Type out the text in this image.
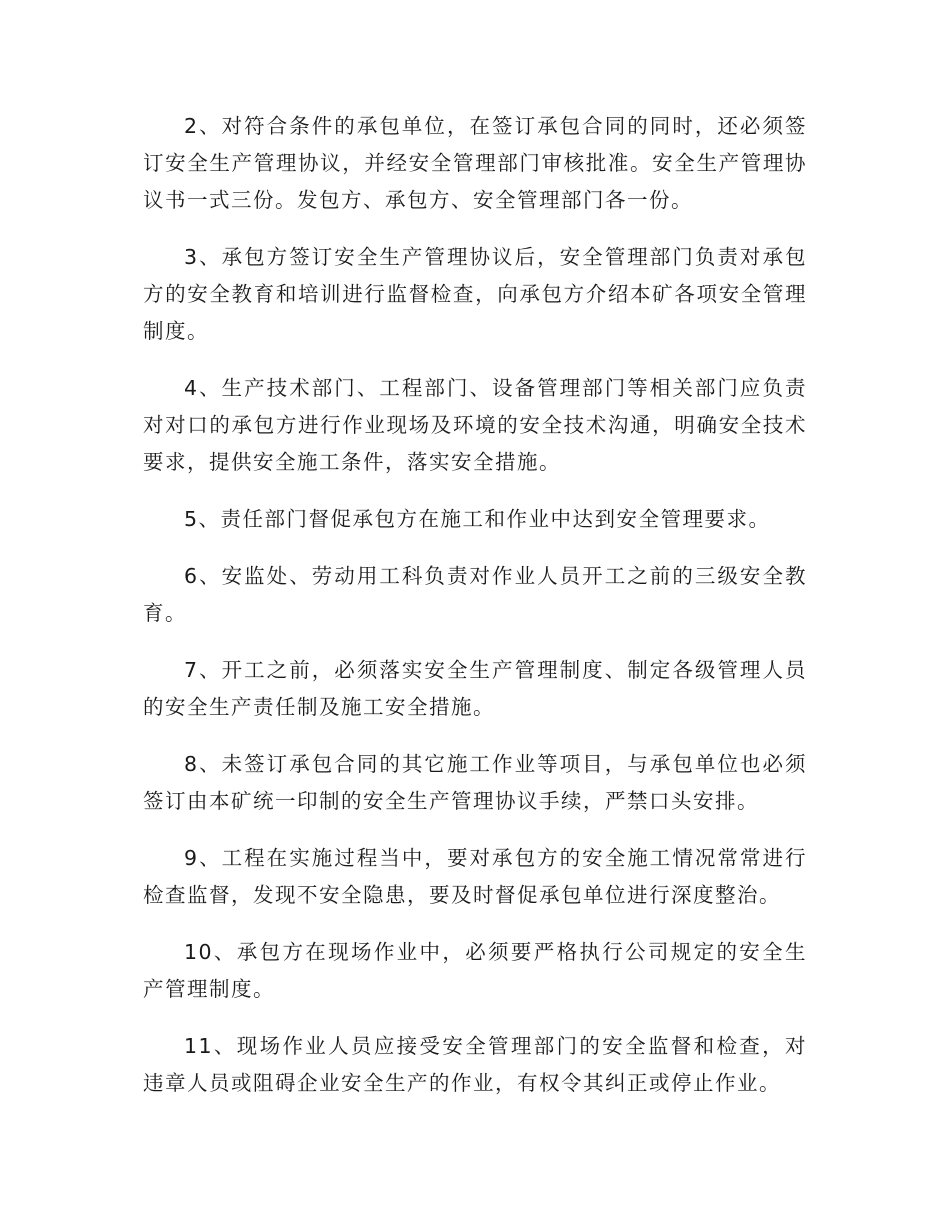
2、对符合条件的承包单位，在签订承包合同的同时，还必须签订安全生产管理协议，并经安全管理部门审核批准。安全生产管理协议书一式三份。发包方、承包方、安全管理部门各一份。

3、承包方签订安全生产管理协议后，安全管理部门负责对承包方的安全教育和培训进行监督检查，向承包方介绍本矿各项安全管理制度。

4、生产技术部门、工程部门、设备管理部门等相关部门应负责对对口的承包方进行作业现场及环境的安全技术沟通，明确安全技术要求，提供安全施工条件，落实安全措施。

5、责任部门督促承包方在施工和作业中达到安全管理要求。

6、安监处、劳动用工科负责对作业人员开工之前的三级安全教育。

7、开工之前，必须落实安全生产管理制度、制定各级管理人员的安全生产责任制及施工安全措施。

8、未签订承包合同的其它施工作业等项目，与承包单位也必须签订由本矿统一印制的安全生产管理协议手续，严禁口头安排。

9、工程在实施过程当中，要对承包方的安全施工情况常常进行检查监督，发现不安全隐患，要及时督促承包单位进行深度整治。

10、承包方在现场作业中，必须要严格执行公司规定的安全生产管理制度。

11、现场作业人员应接受安全管理部门的安全监督和检查，对违章人员或阻碍企业安全生产的作业，有权令其纠正或停止作业。
